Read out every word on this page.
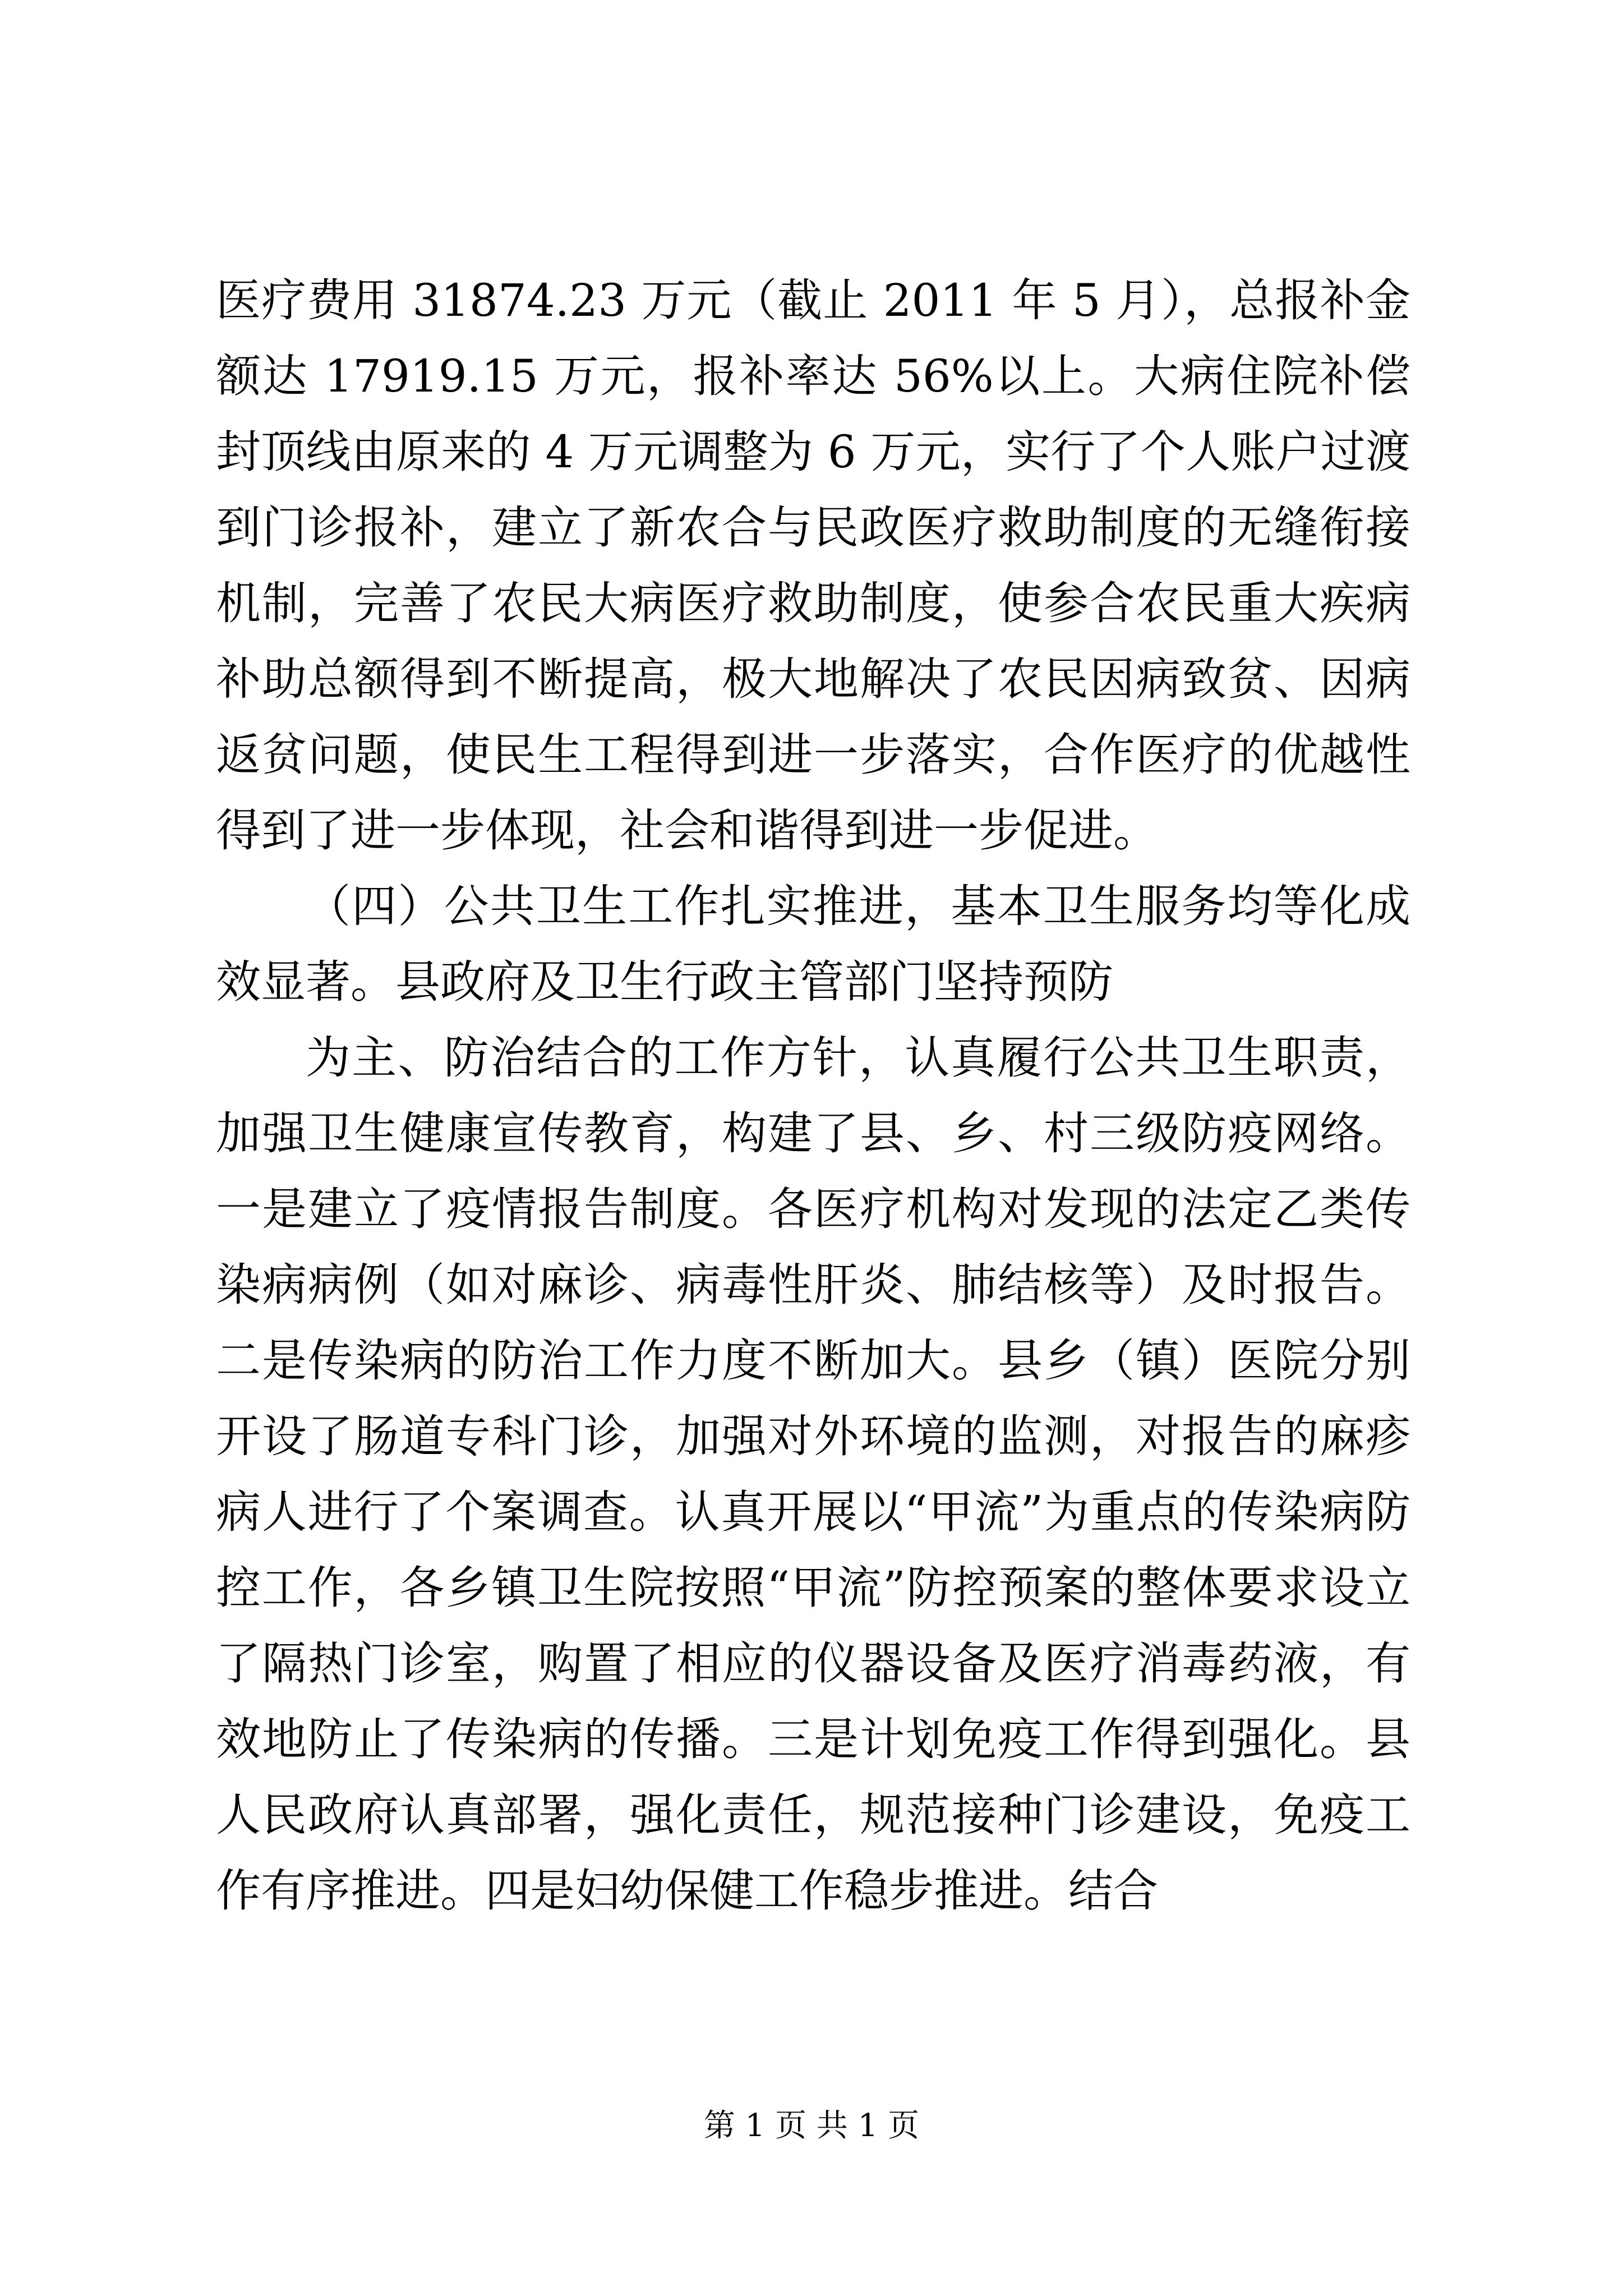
医疗费用 31874.23 万元（截止 2011 年 5 月），总报补金额达 17919.15 万元，报补率达 56%以上。大病住院补偿封顶线由原来的 4 万元调整为 6 万元，实行了个人账户过渡到门诊报补，建立了新农合与民政医疗救助制度的无缝衔接机制，完善了农民大病医疗救助制度，使参合农民重大疾病补助总额得到不断提高，极大地解决了农民因病致贫、因病返贫问题，使民生工程得到进一步落实，合作医疗的优越性得到了进一步体现，社会和谐得到进一步促进。

（四）公共卫生工作扎实推进，基本卫生服务均等化成效显著。县政府及卫生行政主管部门坚持预防

为主、防治结合的工作方针，认真履行公共卫生职责，加强卫生健康宣传教育，构建了县、乡、村三级防疫网络。一是建立了疫情报告制度。各医疗机构对发现的法定乙类传染病病例（如对麻诊、病毒性肝炎、肺结核等）及时报告。二是传染病的防治工作力度不断加大。县乡（镇）医院分别开设了肠道专科门诊，加强对外环境的监测，对报告的麻疹病人进行了个案调查。认真开展以“甲流”为重点的传染病防控工作，各乡镇卫生院按照“甲流”防控预案的整体要求设立了隔热门诊室，购置了相应的仪器设备及医疗消毒药液，有效地防止了传染病的传播。三是计划免疫工作得到强化。县人民政府认真部署，强化责任，规范接种门诊建设，免疫工作有序推进。四是妇幼保健工作稳步推进。结合

第 1 页 共 1 页
